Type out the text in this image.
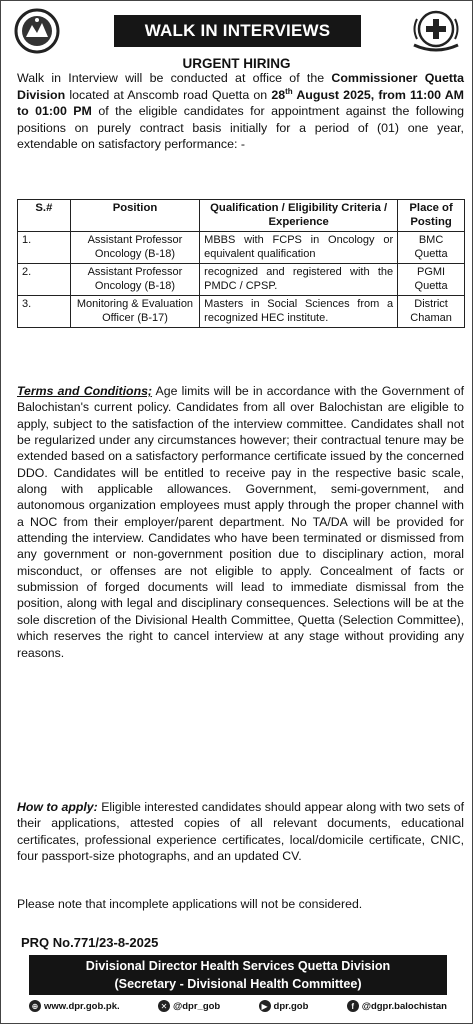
WALK IN INTERVIEWS
URGENT HIRING
Walk in Interview will be conducted at office of the Commissioner Quetta Division located at Anscomb road Quetta on 28th August 2025, from 11:00 AM to 01:00 PM of the eligible candidates for appointment against the following positions on purely contract basis initially for a period of (01) one year, extendable on satisfactory performance: -
S.#	Position	Qualification / Eligibility Criteria / Experience	Place of Posting
1.	Assistant Professor Oncology (B-18)	MBBS with FCPS in Oncology or equivalent qualification	BMC Quetta
2.	Assistant Professor Oncology (B-18)	recognized and registered with the PMDC / CPSP.	PGMI Quetta
3.	Monitoring & Evaluation Officer (B-17)	Masters in Social Sciences from a recognized HEC institute.	District Chaman
Terms and Conditions; Age limits will be in accordance with the Government of Balochistan's current policy. Candidates from all over Balochistan are eligible to apply, subject to the satisfaction of the interview committee. Candidates shall not be regularized under any circumstances however; their contractual tenure may be extended based on a satisfactory performance certificate issued by the concerned DDO. Candidates will be entitled to receive pay in the respective basic scale, along with applicable allowances. Government, semi-government, and autonomous organization employees must apply through the proper channel with a NOC from their employer/parent department. No TA/DA will be provided for attending the interview. Candidates who have been terminated or dismissed from any government or non-government position due to disciplinary action, moral misconduct, or offenses are not eligible to apply. Concealment of facts or submission of forged documents will lead to immediate dismissal from the position, along with legal and disciplinary consequences. Selections will be at the sole discretion of the Divisional Health Committee, Quetta (Selection Committee), which reserves the right to cancel interview at any stage without providing any reasons.
How to apply: Eligible interested candidates should appear along with two sets of their applications, attested copies of all relevant documents, educational certificates, professional experience certificates, local/domicile certificate, CNIC, four passport-size photographs, and an updated CV.
Please note that incomplete applications will not be considered.
PRQ No.771/23-8-2025
Divisional Director Health Services Quetta Division
(Secretary - Divisional Health Committee)
⊕ www.dpr.gob.pk.	✕ @dpr_gob	▶ dpr.gob	f @dgpr.balochistan
